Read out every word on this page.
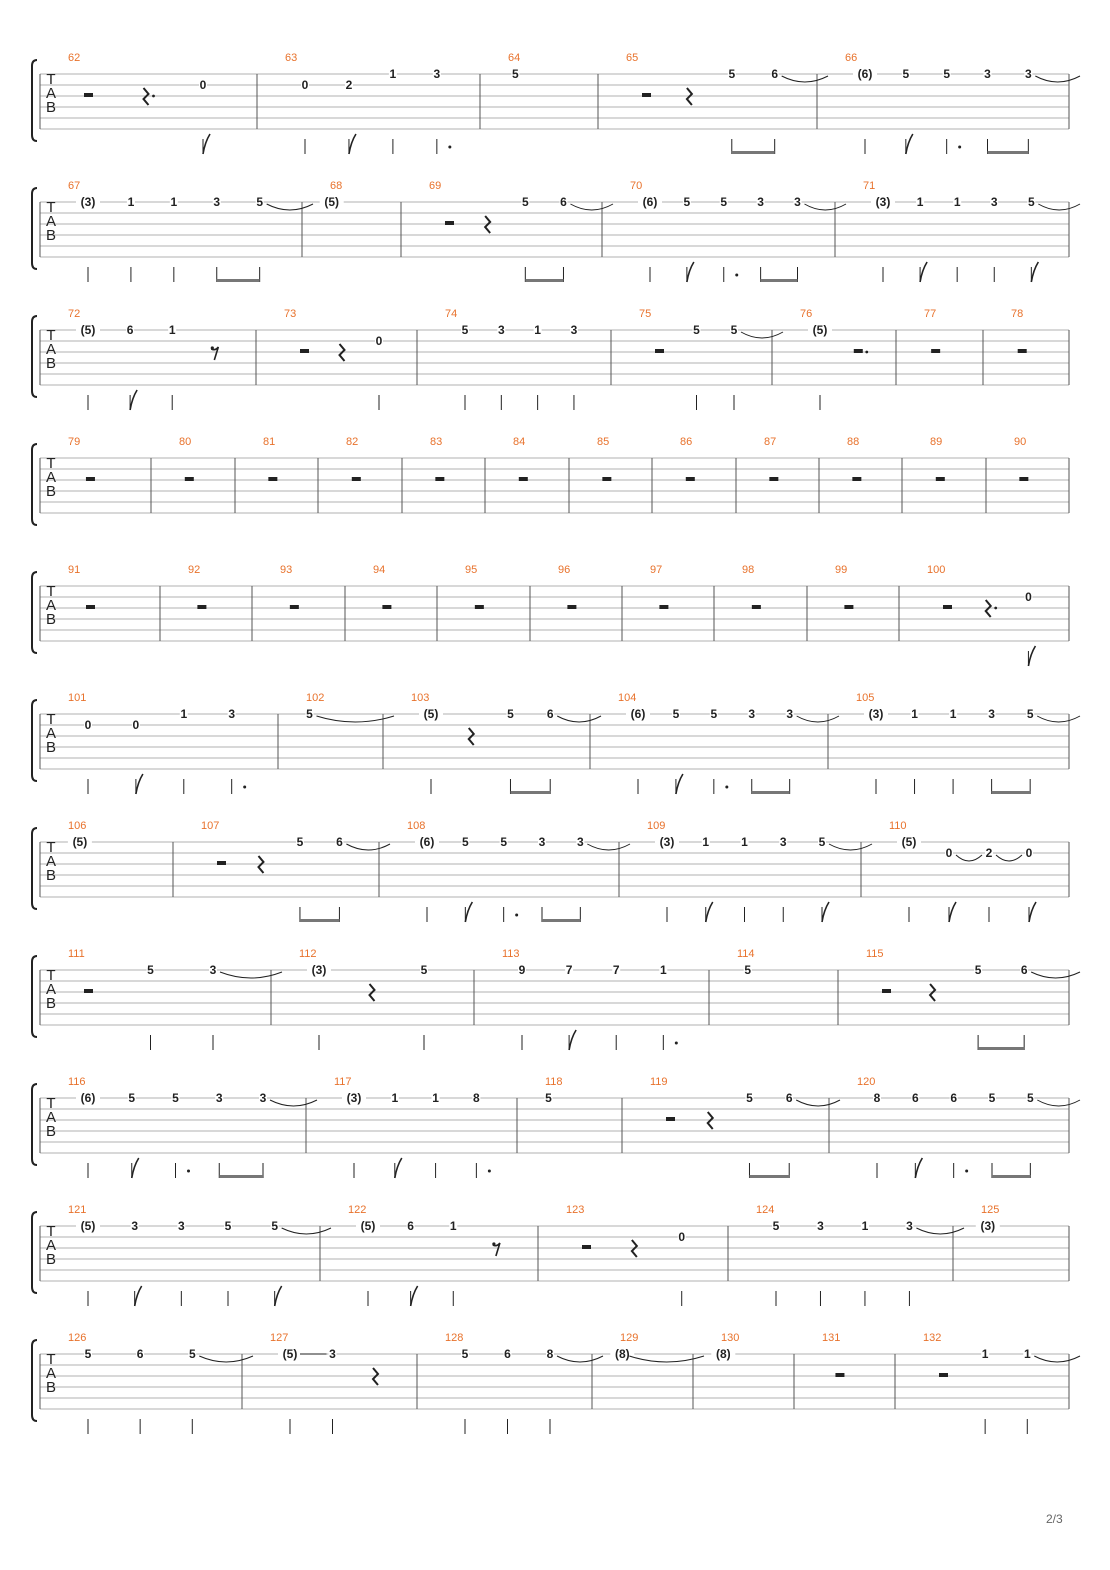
T
A
B
62
0
63
0	2
1	3
64
5
65
5	6
66
(6)	5	5	3	3
T
A
B
67
(3)	1	1	3	5
68
(5)
69
5	6
70
(6) 5	5	3	3
71
(3) 1	1	3	5
T
A
B
72
(5)	6	1
73
0
74
5 3 1 3
75
5	5
76
(5)
77	78
T
A
B
79	80	81	82	83	84	85	86	87	88	89	90
T
A
B
91	92	93	94	95	96	97	98	99	100
0
T
A
B
101
0	0
1	3
102
5
103
(5)	5	6
104
(6) 5	5	3	3
105
(3) 1	1	3	5
T
A
B
106
(5)
107
5	6
108
(6) 5	5	3	3
109
(3) 1	1	3	5
110
(5)
0	2	0
T
A
B
111
5	3
112
(3)	5
113
9	7	7	1
114
5
115
5	6
T
A
B
116
(6)	5	5	3	3
117
(3)	1	1	8
118
5
119
5	6
120
8	6	6	5	5
T
A
B
121
(5)	3	3	5	5
122
(5)	6	1
123
0
124
5	3	1	3
125
(3)
T
A
B
126
5	6	5
127
(5)	3
128
5	6	8
129
(8)
130
(8)
131	132
1	1
2/3
